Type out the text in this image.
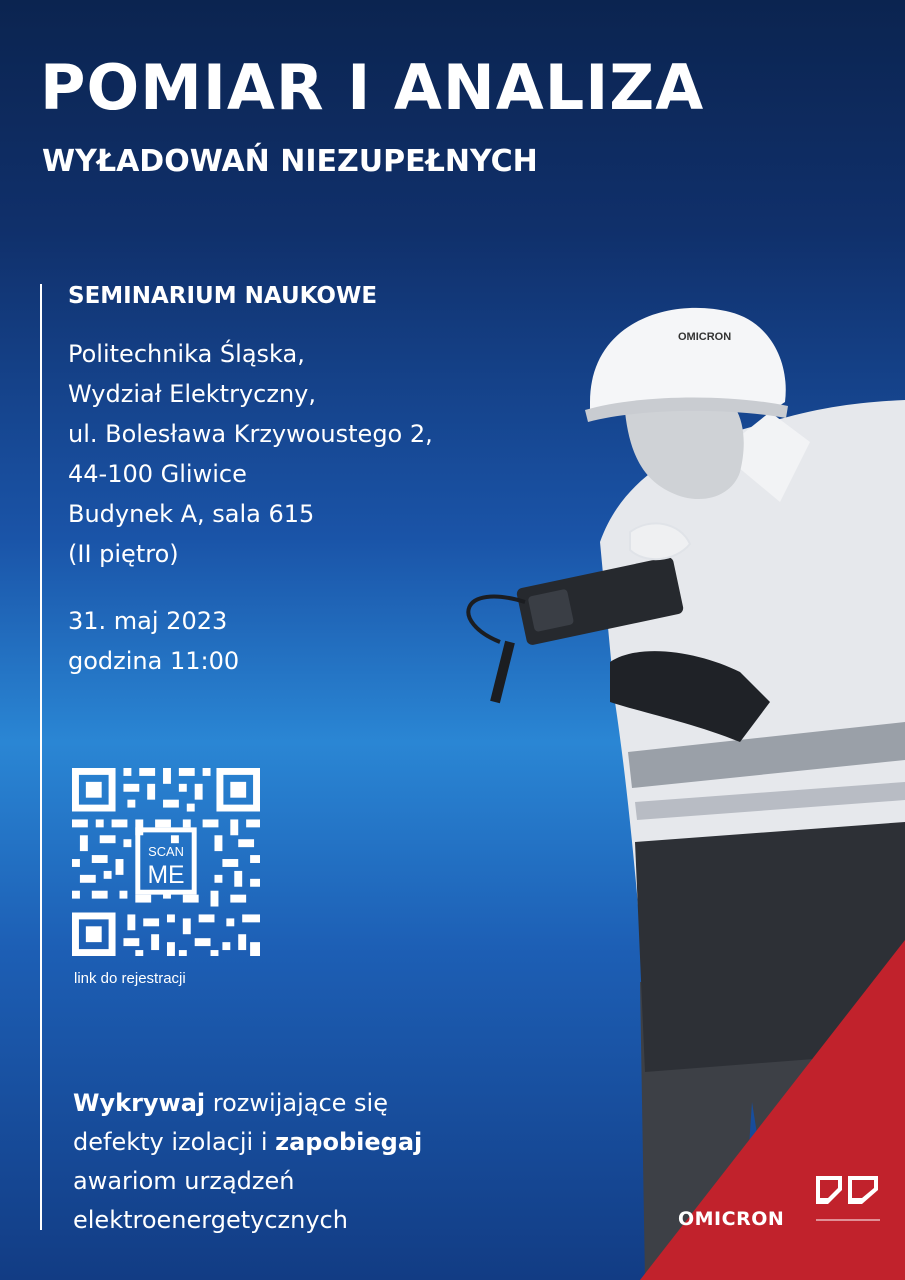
POMIAR I ANALIZA
WYŁADOWAŃ NIEZUPEŁNYCH
SEMINARIUM NAUKOWE
Politechnika Śląska,
Wydział Elektryczny,
ul. Bolesława Krzywoustego 2,
44-100 Gliwice
Budynek A, sala 615
(II piętro)
31. maj 2023
godzina 11:00
SCAN
ME
link do rejestracji
Wykrywaj rozwijające się
defekty izolacji i zapobiegaj
awariom urządzeń
elektroenergetycznych
OMICRON
OMICRON
